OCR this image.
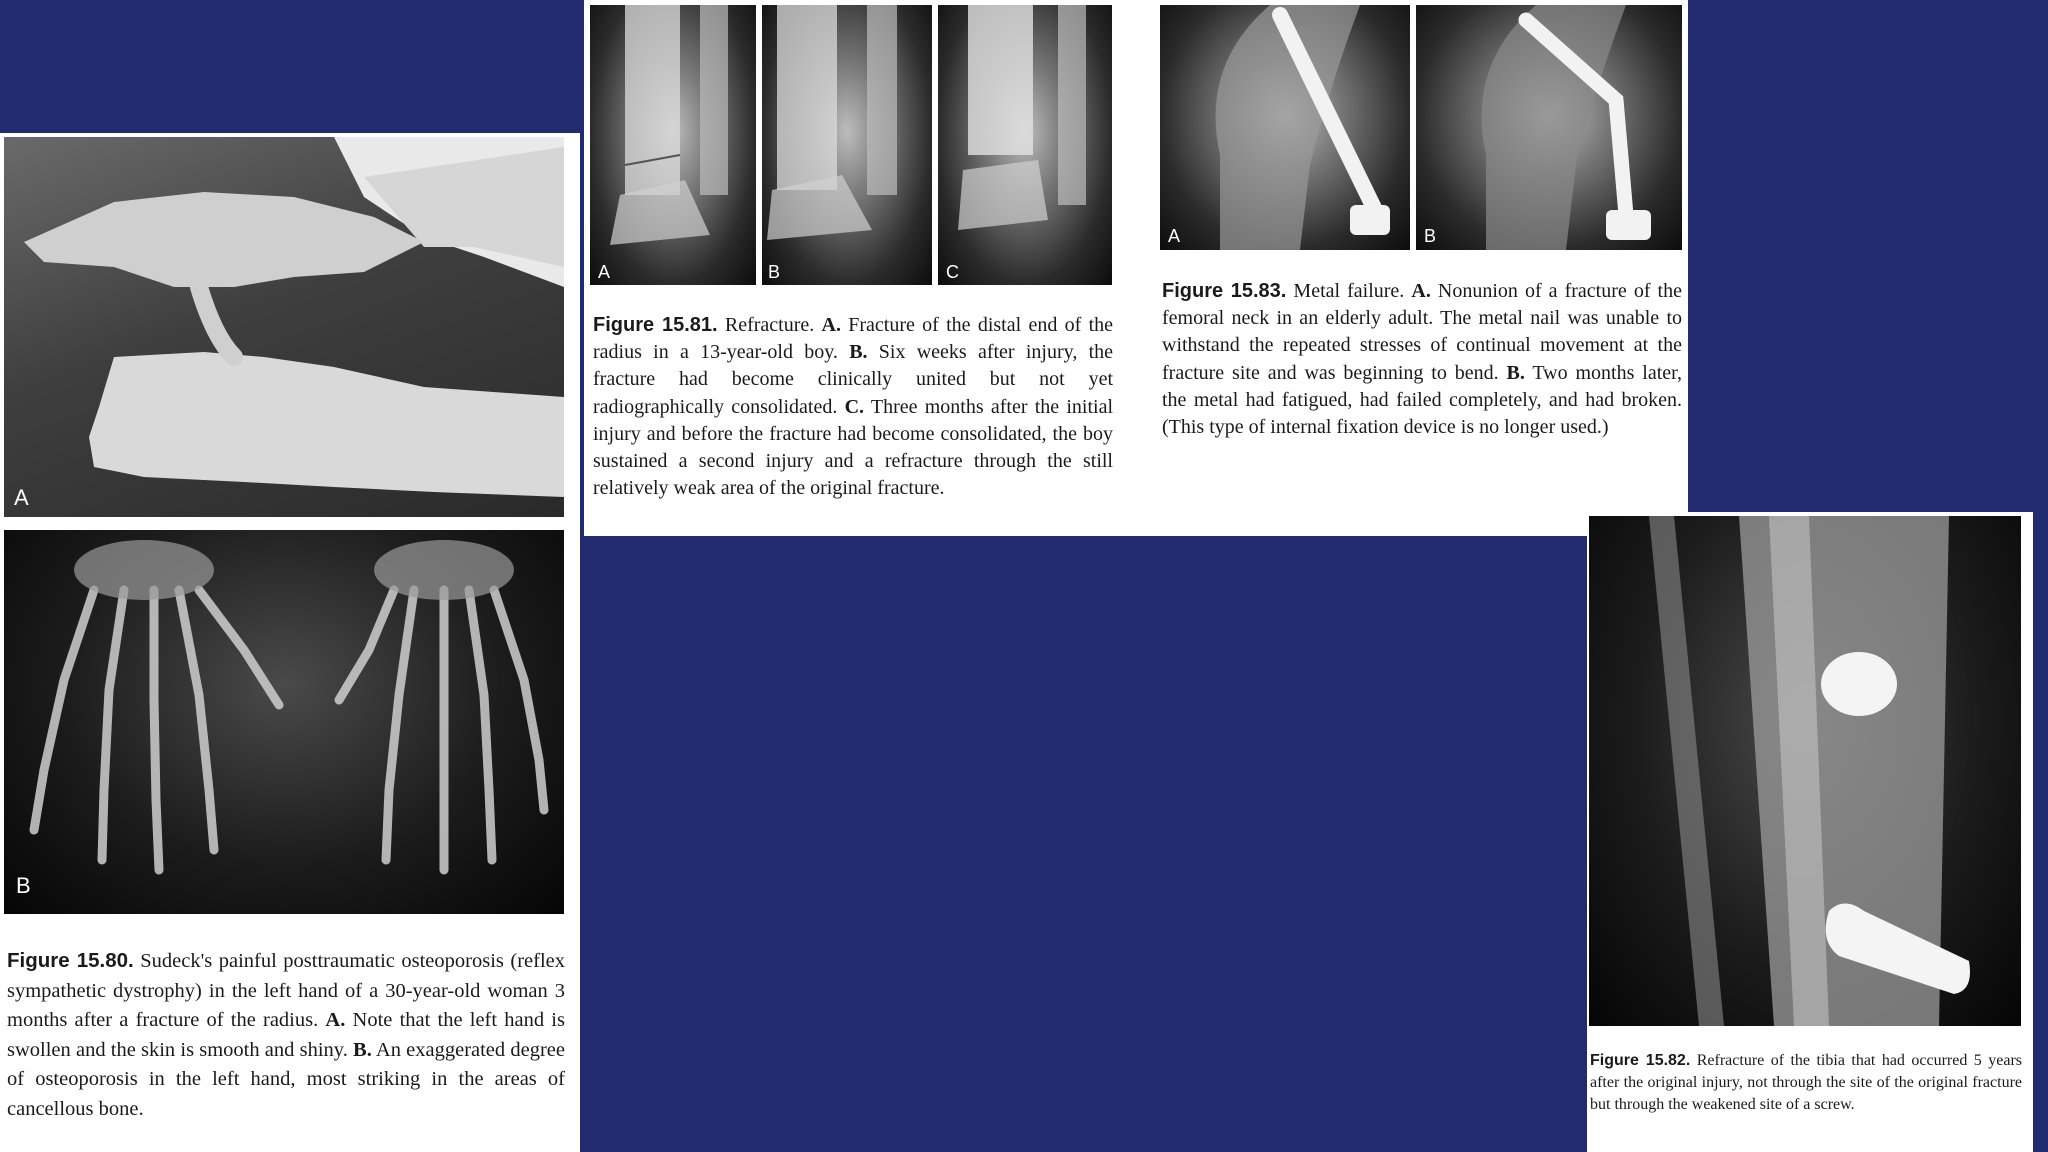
A
B

Figure 15.80. Sudeck's painful posttraumatic osteoporosis (reflex sympathetic dystrophy) in the left hand of a 30-year-old woman 3 months after a fracture of the radius. A. Note that the left hand is swollen and the skin is smooth and shiny. B. An exaggerated degree of osteoporosis in the left hand, most striking in the areas of cancellous bone.

A	B	C

Figure 15.81. Refracture. A. Fracture of the distal end of the radius in a 13-year-old boy. B. Six weeks after injury, the fracture had become clinically united but not yet radiographically consolidated. C. Three months after the initial injury and before the fracture had become consolidated, the boy sustained a second injury and a refracture through the still relatively weak area of the original fracture.

A	B

Figure 15.83. Metal failure. A. Nonunion of a fracture of the femoral neck in an elderly adult. The metal nail was unable to withstand the repeated stresses of continual movement at the fracture site and was beginning to bend. B. Two months later, the metal had fatigued, had failed completely, and had broken. (This type of internal fixation device is no longer used.)

Figure 15.82. Refracture of the tibia that had occurred 5 years after the original injury, not through the site of the original fracture but through the weakened site of a screw.
